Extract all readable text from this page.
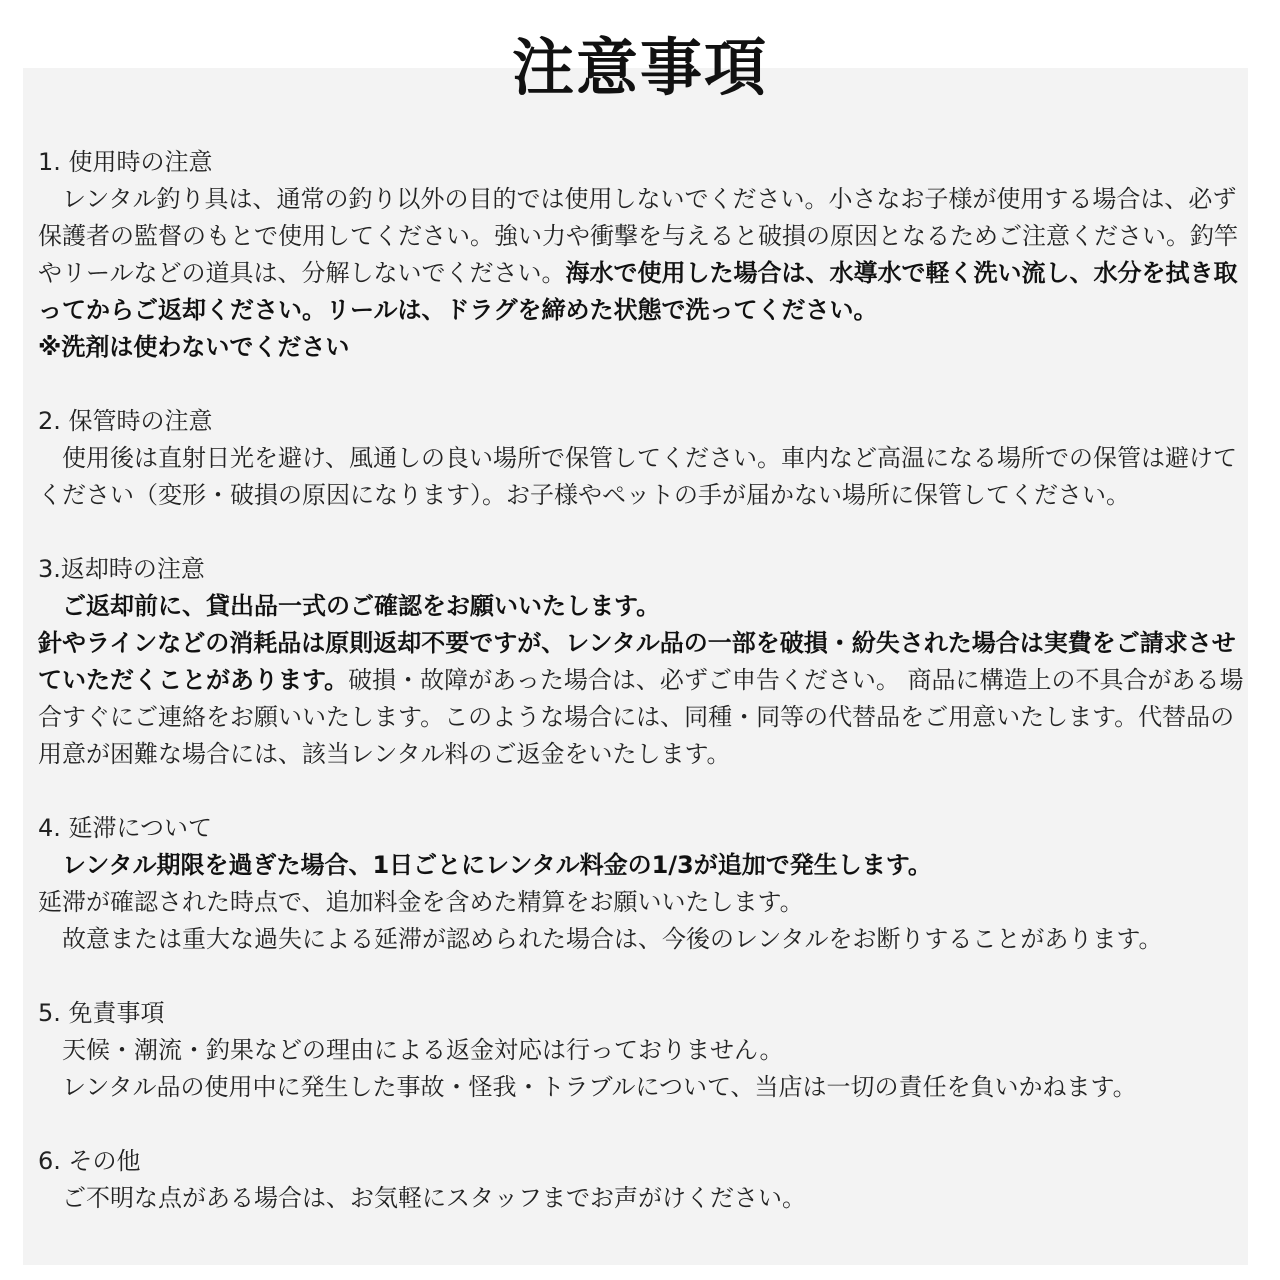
注意事項

1. 使用時の注意

レンタル釣り具は、通常の釣り以外の目的では使用しないでください。小さなお子様が使用する場合は、必ず保護者の監督のもとで使用してください。強い力や衝撃を与えると破損の原因となるためご注意ください。釣竿やリールなどの道具は、分解しないでください。海水で使用した場合は、水導水で軽く洗い流し、水分を拭き取ってからご返却ください。リールは、ドラグを締めた状態で洗ってください。

※洗剤は使わないでください

2. 保管時の注意

使用後は直射日光を避け、風通しの良い場所で保管してください。車内など高温になる場所での保管は避けてください（変形・破損の原因になります）。お子様やペットの手が届かない場所に保管してください。

3.返却時の注意

ご返却前に、貸出品一式のご確認をお願いいたします。

針やラインなどの消耗品は原則返却不要ですが、レンタル品の一部を破損・紛失された場合は実費をご請求させていただくことがあります。破損・故障があった場合は、必ずご申告ください。 商品に構造上の不具合がある場合すぐにご連絡をお願いいたします。このような場合には、同種・同等の代替品をご用意いたします。代替品の用意が困難な場合には、該当レンタル料のご返金をいたします。

4. 延滞について

レンタル期限を過ぎた場合、1日ごとにレンタル料金の1/3が追加で発生します。

延滞が確認された時点で、追加料金を含めた精算をお願いいたします。

故意または重大な過失による延滞が認められた場合は、今後のレンタルをお断りすることがあります。

5. 免責事項

天候・潮流・釣果などの理由による返金対応は行っておりません。

レンタル品の使用中に発生した事故・怪我・トラブルについて、当店は一切の責任を負いかねます。

6. その他

ご不明な点がある場合は、お気軽にスタッフまでお声がけください。
